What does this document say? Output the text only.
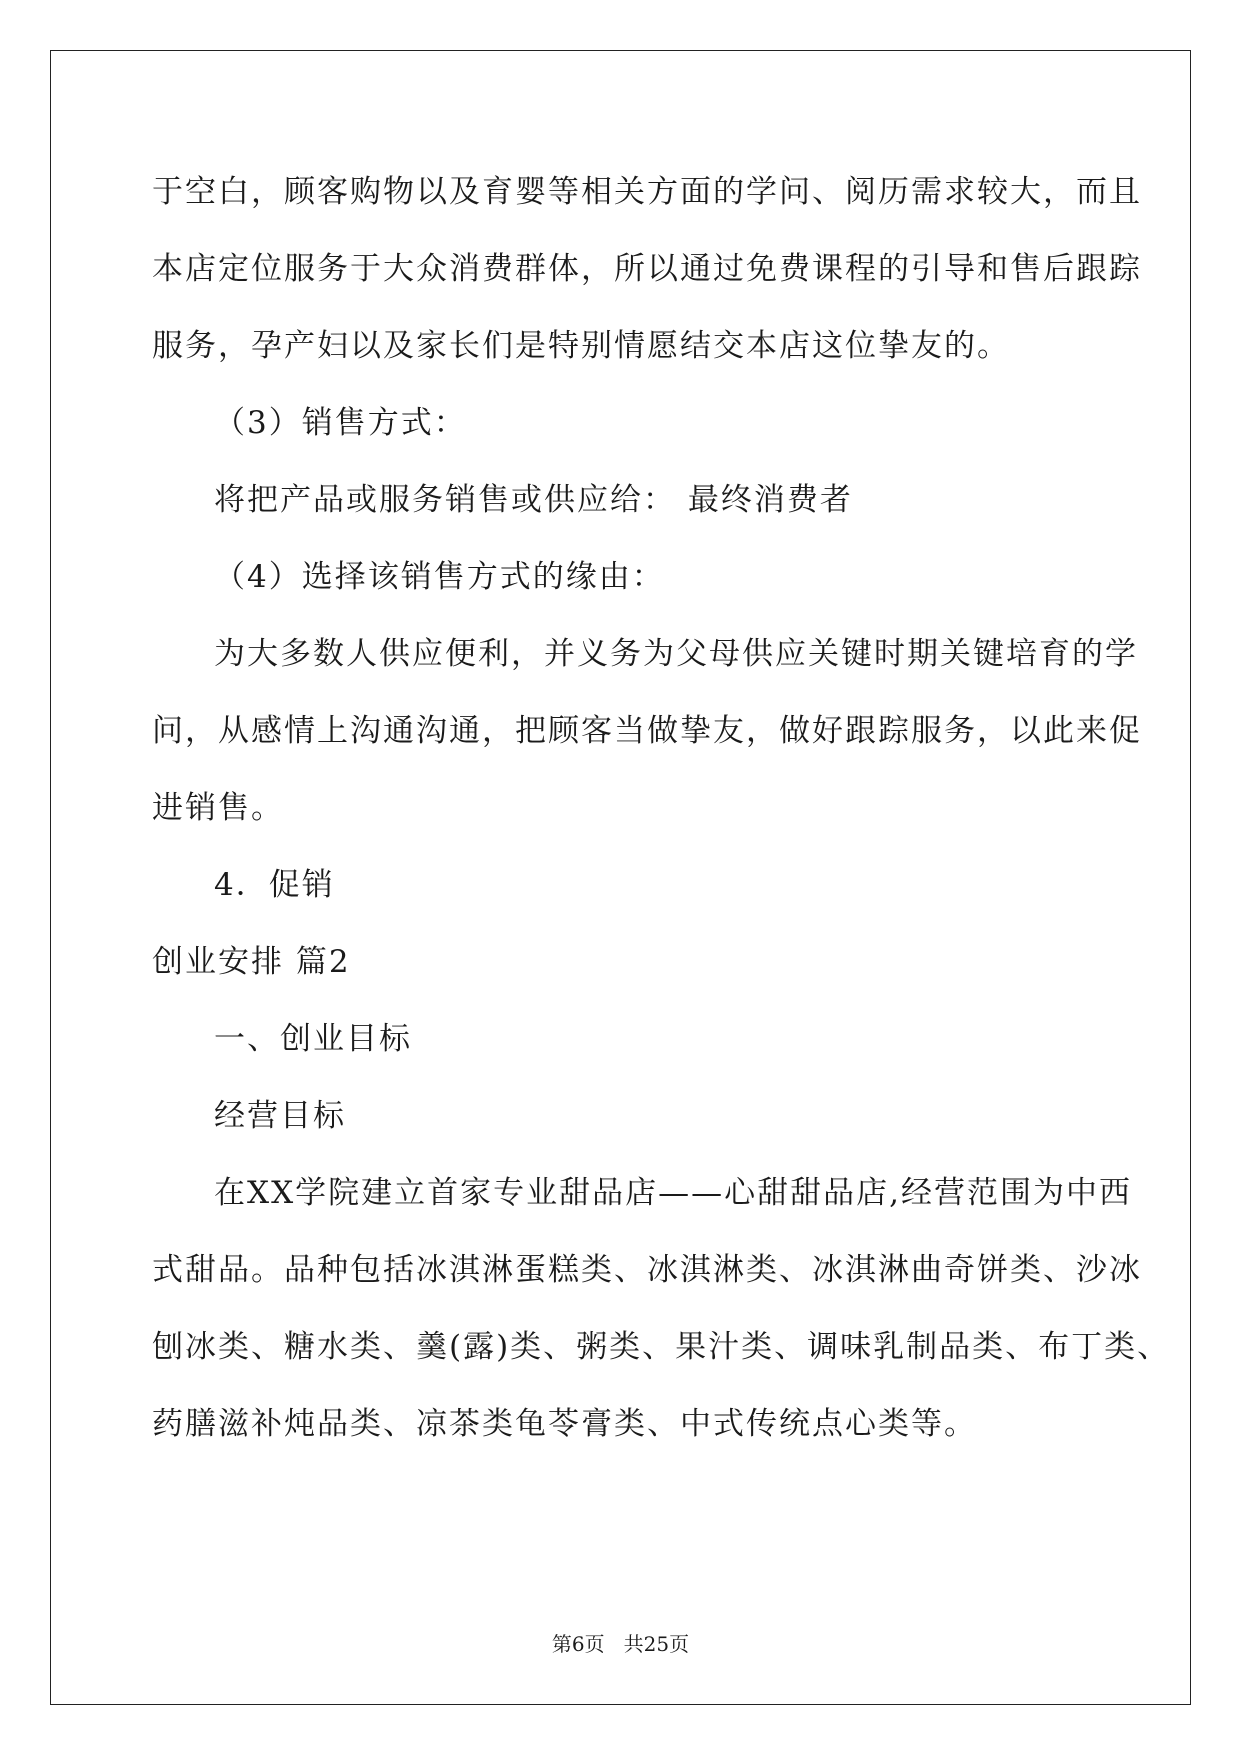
于空白，顾客购物以及育婴等相关方面的学问、阅历需求较大，而且
本店定位服务于大众消费群体，所以通过免费课程的引导和售后跟踪
服务，孕产妇以及家长们是特别情愿结交本店这位挚友的。
（3）销售方式：
将把产品或服务销售或供应给： 最终消费者
（4）选择该销售方式的缘由：
为大多数人供应便利，并义务为父母供应关键时期关键培育的学
问，从感情上沟通沟通，把顾客当做挚友，做好跟踪服务，以此来促
进销售。
4．促销
创业安排 篇2
一、创业目标
经营目标
在XX学院建立首家专业甜品店——心甜甜品店,经营范围为中西
式甜品。品种包括冰淇淋蛋糕类、冰淇淋类、冰淇淋曲奇饼类、沙冰
刨冰类、糖水类、羹(露)类、粥类、果汁类、调味乳制品类、布丁类、
药膳滋补炖品类、凉茶类龟苓膏类、中式传统点心类等。
第6页   共25页
